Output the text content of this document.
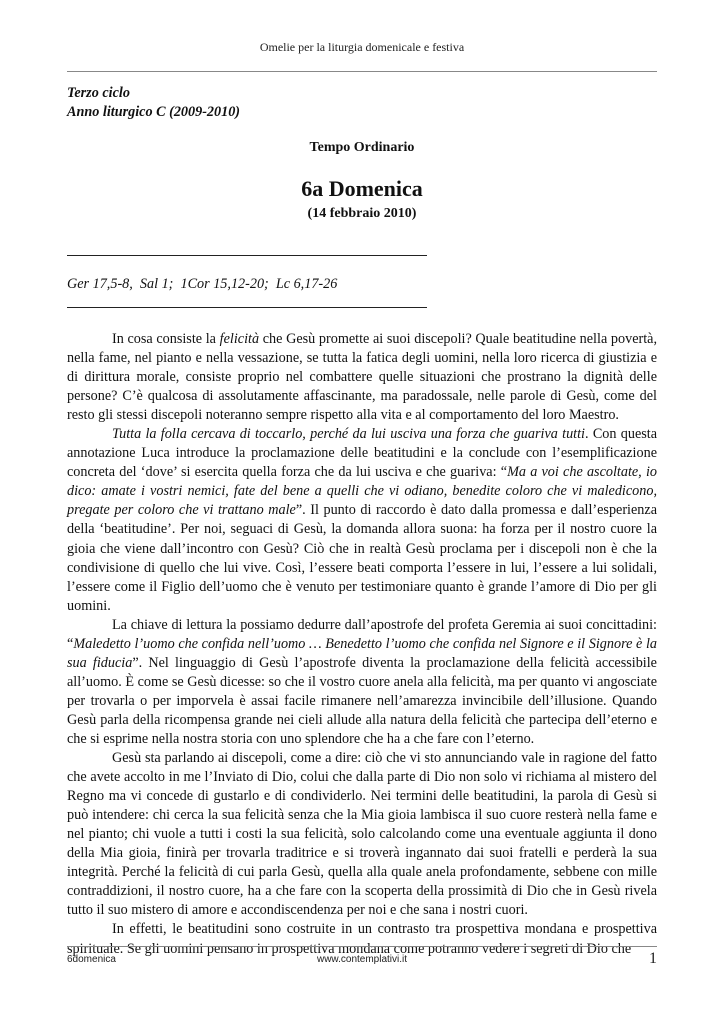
Omelie per la liturgia domenicale e festiva
Terzo ciclo
Anno liturgico C (2009-2010)
Tempo Ordinario
6a Domenica
(14 febbraio 2010)
Ger 17,5-8,  Sal 1;  1Cor 15,12-20;  Lc 6,17-26

In cosa consiste la felicità che Gesù promette ai suoi discepoli? Quale beatitudine nella povertà, nella fame, nel pianto e nella vessazione, se tutta la fatica degli uomini, nella loro ricerca di giustizia e di dirittura morale, consiste proprio nel combattere quelle situazioni che prostrano la dignità delle persone? C’è qualcosa di assolutamente affascinante, ma paradossale, nelle parole di Gesù, come del resto gli stessi discepoli noteranno sempre rispetto alla vita e al comportamento del loro Maestro.

Tutta la folla cercava di toccarlo, perché da lui usciva una forza che guariva tutti. Con questa annotazione Luca introduce la proclamazione delle beatitudini e la conclude con l’esemplificazione concreta del ‘dove’ si esercita quella forza che da lui usciva e che guariva: “Ma a voi che ascoltate, io dico: amate i vostri nemici, fate del bene a quelli che vi odiano, benedite coloro che vi maledicono, pregate per coloro che vi trattano male”. Il punto di raccordo è dato dalla promessa e dall’esperienza della ‘beatitudine’. Per noi, seguaci di Gesù, la domanda allora suona: ha forza per il nostro cuore la gioia che viene dall’incontro con Gesù? Ciò che in realtà Gesù proclama per i discepoli non è che la condivisione di quello che lui vive. Così, l’essere beati comporta l’essere in lui, l’essere a lui solidali, l’essere come il Figlio dell’uomo che è venuto per testimoniare quanto è grande l’amore di Dio per gli uomini.

La chiave di lettura la possiamo dedurre dall’apostrofe del profeta Geremia ai suoi concittadini: “Maledetto l’uomo che confida nell’uomo … Benedetto l’uomo che confida nel Signore e il Signore è la sua fiducia”. Nel linguaggio di Gesù l’apostrofe diventa la proclamazione della felicità accessibile all’uomo. È come se Gesù dicesse: so che il vostro cuore anela alla felicità, ma per quanto vi angosciate per trovarla o per imporvela è assai facile rimanere nell’amarezza invincibile dell’illusione. Quando Gesù parla della ricompensa grande nei cieli allude alla natura della felicità che partecipa dell’eterno e che si esprime nella nostra storia con uno splendore che ha a che fare con l’eterno.

Gesù sta parlando ai discepoli, come a dire: ciò che vi sto annunciando vale in ragione del fatto che avete accolto in me l’Inviato di Dio, colui che dalla parte di Dio non solo vi richiama al mistero del Regno ma vi concede di gustarlo e di condividerlo. Nei termini delle beatitudini, la parola di Gesù si può intendere: chi cerca la sua felicità senza che la Mia gioia lambisca il suo cuore resterà nella fame e nel pianto; chi vuole a tutti i costi la sua felicità, solo calcolando come una eventuale aggiunta il dono della Mia gioia, finirà per trovarla traditrice e si troverà ingannato dai suoi fratelli e perderà la sua integrità. Perché la felicità di cui parla Gesù, quella alla quale anela profondamente, sebbene con mille contraddizioni, il nostro cuore, ha a che fare con la scoperta della prossimità di Dio che in Gesù rivela tutto il suo mistero di amore e accondiscendenza per noi e che sana i nostri cuori.

In effetti, le beatitudini sono costruite in un contrasto tra prospettiva mondana e prospettiva spirituale. Se gli uomini pensano in prospettiva mondana come potranno vedere i segreti di Dio che

6domenica	www.contemplativi.it	1
